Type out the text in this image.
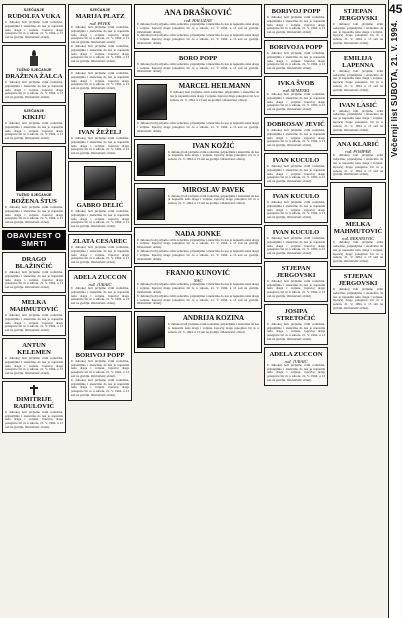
SJEĆANJE
RUDOLFA VUKA
U dubokoj boli javljamo svim rođacima, prijateljima i znancima da nas je napustila naša draga i voljena. Ispraćaj drage pokojnice bit će u subotu, 21. V. 1994. u 13 sati na groblju. Ožalošćeni: obitelj.
TUŽNO SJEĆANJE
DRAŽENA ŽALCA
U dubokoj boli javljamo svim rođacima, prijateljima i znancima da nas je napustila naša draga i voljena. Ispraćaj drage pokojnice bit će u subotu, 21. V. 1994. u 13 sati na groblju. Ožalošćeni: obitelj.
SJEĆANJE
KIKIJU
U dubokoj boli javljamo svim rođacima, prijateljima i znancima da nas je napustila naša draga i voljena. Ispraćaj drage pokojnice bit će u subotu, 21. V. 1994. u 13 sati na groblju. Ožalošćeni: obitelj.
TUŽNO SJEĆANJE
BOŽENA ŠTUS
U dubokoj boli javljamo svim rođacima, prijateljima i znancima da nas je napustila naša draga i voljena. Ispraćaj drage pokojnice bit će u subotu, 21. V. 1994. u 13 sati na groblju. Ožalošćeni: obitelj.
OBAVIJEST O
SMRTI
DRAGO BLAŽINČIĆ
U dubokoj boli javljamo svim rođacima, prijateljima i znancima da nas je napustila naša draga i voljena. Ispraćaj drage pokojnice bit će u subotu, 21. V. 1994. u 13 sati na groblju. Ožalošćeni: obitelj.
MELKA MAHMUTOVIĆ
U dubokoj boli javljamo svim rođacima, prijateljima i znancima da nas je napustila naša draga i voljena. Ispraćaj drage pokojnice bit će u subotu, 21. V. 1994. u 13 sati na groblju. Ožalošćeni: obitelj.
ANTUN KELEMEN
U dubokoj boli javljamo svim rođacima, prijateljima i znancima da nas je napustila naša draga i voljena. Ispraćaj drage pokojnice bit će u subotu, 21. V. 1994. u 13 sati na groblju. Ožalošćeni: obitelj.
DIMITRIJE RADULOVIĆ
U dubokoj boli javljamo svim rođacima, prijateljima i znancima da nas je napustila naša draga i voljena. Ispraćaj drage pokojnice bit će u subotu, 21. V. 1994. u 13 sati na groblju. Ožalošćeni: obitelj.
SJEĆANJE
MARIJA PLATZ
rođ. PAVEK
U dubokoj boli javljamo svim rođacima, prijateljima i znancima da nas je napustila naša draga i voljena. Ispraćaj drage pokojnice bit će u subotu, 21. V. 1994. u 13 sati na groblju. Ožalošćeni: obitelj.
U dubokoj boli javljamo svim rođacima, prijateljima i znancima da nas je napustila naša draga i voljena. Ispraćaj drage pokojnice bit će u subotu, 21. V. 1994. u 13 sati na groblju. Ožalošćeni: obitelj.
U dubokoj boli javljamo svim rođacima, prijateljima i znancima da nas je napustila naša draga i voljena. Ispraćaj drage pokojnice bit će u subotu, 21. V. 1994. u 13 sati na groblju. Ožalošćeni: obitelj.
IVAN ŽEŽELJ
U dubokoj boli javljamo svim rođacima, prijateljima i znancima da nas je napustila naša draga i voljena. Ispraćaj drage pokojnice bit će u subotu, 21. V. 1994. u 13 sati na groblju. Ožalošćeni: obitelj.
GABRO DELIĆ
U dubokoj boli javljamo svim rođacima, prijateljima i znancima da nas je napustila naša draga i voljena. Ispraćaj drage pokojnice bit će u subotu, 21. V. 1994. u 13 sati na groblju. Ožalošćeni: obitelj.
ZLATA CESAREC
U dubokoj boli javljamo svim rođacima, prijateljima i znancima da nas je napustila naša draga i voljena. Ispraćaj drage pokojnice bit će u subotu, 21. V. 1994. u 13 sati na groblju. Ožalošćeni: obitelj.
ADELA ZUCCON
rođ. JURAIĆ
U dubokoj boli javljamo svim rođacima, prijateljima i znancima da nas je napustila naša draga i voljena. Ispraćaj drage pokojnice bit će u subotu, 21. V. 1994. u 13 sati na groblju. Ožalošćeni: obitelj.
BORIVOJ POPP
U dubokoj boli javljamo svim rođacima, prijateljima i znancima da nas je napustila naša draga i voljena. Ispraćaj drage pokojnice bit će u subotu, 21. V. 1994. u 13 sati na groblju. Ožalošćeni: obitelj.
U dubokoj boli javljamo svim rođacima, prijateljima i znancima da nas je napustila naša draga i voljena. Ispraćaj drage pokojnice bit će u subotu, 21. V. 1994. u 13 sati na groblju. Ožalošćeni: obitelj.
ANA DRAŠKOVIĆ
rođ. HALUZAN
U dubokoj boli javljamo svim rođacima, prijateljima i znancima da nas je napustila naša draga i voljena. Ispraćaj drage pokojnice bit će u subotu, 21. V. 1994. u 13 sati na groblju. Ožalošćeni: obitelj.
U dubokoj boli javljamo svim rođacima, prijateljima i znancima da nas je napustila naša draga i voljena. Ispraćaj drage pokojnice bit će u subotu, 21. V. 1994. u 13 sati na groblju. Ožalošćeni: obitelj.
BORO POPP
U dubokoj boli javljamo svim rođacima, prijateljima i znancima da nas je napustila naša draga i voljena. Ispraćaj drage pokojnice bit će u subotu, 21. V. 1994. u 13 sati na groblju. Ožalošćeni: obitelj.
MARCEL HEILMANN
U dubokoj boli javljamo svim rođacima, prijateljima i znancima da nas je napustila naša draga i voljena. Ispraćaj drage pokojnice bit će u subotu, 21. V. 1994. u 13 sati na groblju. Ožalošćeni: obitelj.
U dubokoj boli javljamo svim rođacima, prijateljima i znancima da nas je napustila naša draga i voljena. Ispraćaj drage pokojnice bit će u subotu, 21. V. 1994. u 13 sati na groblju. Ožalošćeni: obitelj.
IVAN KOŽIĆ
U dubokoj boli javljamo svim rođacima, prijateljima i znancima da nas je napustila naša draga i voljena. Ispraćaj drage pokojnice bit će u subotu, 21. V. 1994. u 13 sati na groblju. Ožalošćeni: obitelj.
MIROSLAV PAVEK
U dubokoj boli javljamo svim rođacima, prijateljima i znancima da nas je napustila naša draga i voljena. Ispraćaj drage pokojnice bit će u subotu, 21. V. 1994. u 13 sati na groblju. Ožalošćeni: obitelj.
NADA JONKE
U dubokoj boli javljamo svim rođacima, prijateljima i znancima da nas je napustila naša draga i voljena. Ispraćaj drage pokojnice bit će u subotu, 21. V. 1994. u 13 sati na groblju. Ožalošćeni: obitelj.
U dubokoj boli javljamo svim rođacima, prijateljima i znancima da nas je napustila naša draga i voljena. Ispraćaj drage pokojnice bit će u subotu, 21. V. 1994. u 13 sati na groblju. Ožalošćeni: obitelj.
FRANJO KUNOVIĆ
NAC
U dubokoj boli javljamo svim rođacima, prijateljima i znancima da nas je napustila naša draga i voljena. Ispraćaj drage pokojnice bit će u subotu, 21. V. 1994. u 13 sati na groblju. Ožalošćeni: obitelj.
U dubokoj boli javljamo svim rođacima, prijateljima i znancima da nas je napustila naša draga i voljena. Ispraćaj drage pokojnice bit će u subotu, 21. V. 1994. u 13 sati na groblju. Ožalošćeni: obitelj.
ANDRIJA KOZINA
U dubokoj boli javljamo svim rođacima, prijateljima i znancima da nas je napustila naša draga i voljena. Ispraćaj drage pokojnice bit će u subotu, 21. V. 1994. u 13 sati na groblju. Ožalošćeni: obitelj.
BORIVOJ POPP
U dubokoj boli javljamo svim rođacima, prijateljima i znancima da nas je napustila naša draga i voljena. Ispraćaj drage pokojnice bit će u subotu, 21. V. 1994. u 13 sati na groblju. Ožalošćeni: obitelj.
BORIVOJA POPP
U dubokoj boli javljamo svim rođacima, prijateljima i znancima da nas je napustila naša draga i voljena. Ispraćaj drage pokojnice bit će u subotu, 21. V. 1994. u 13 sati na groblju. Ožalošćeni: obitelj.
IVKA ŠVOB
rođ. SEMENKI
U dubokoj boli javljamo svim rođacima, prijateljima i znancima da nas je napustila naša draga i voljena. Ispraćaj drage pokojnice bit će u subotu, 21. V. 1994. u 13 sati na groblju. Ožalošćeni: obitelj.
DOBROSAV JEVIĆ
U dubokoj boli javljamo svim rođacima, prijateljima i znancima da nas je napustila naša draga i voljena. Ispraćaj drage pokojnice bit će u subotu, 21. V. 1994. u 13 sati na groblju. Ožalošćeni: obitelj.
IVAN KUCULO
U dubokoj boli javljamo svim rođacima, prijateljima i znancima da nas je napustila naša draga i voljena. Ispraćaj drage pokojnice bit će u subotu, 21. V. 1994. u 13 sati na groblju. Ožalošćeni: obitelj.
IVAN KUCULO
U dubokoj boli javljamo svim rođacima, prijateljima i znancima da nas je napustila naša draga i voljena. Ispraćaj drage pokojnice bit će u subotu, 21. V. 1994. u 13 sati na groblju. Ožalošćeni: obitelj.
IVAN KUCULO
U dubokoj boli javljamo svim rođacima, prijateljima i znancima da nas je napustila naša draga i voljena. Ispraćaj drage pokojnice bit će u subotu, 21. V. 1994. u 13 sati na groblju. Ožalošćeni: obitelj.
STJEPAN JERGOVSKI
U dubokoj boli javljamo svim rođacima, prijateljima i znancima da nas je napustila naša draga i voljena. Ispraćaj drage pokojnice bit će u subotu, 21. V. 1994. u 13 sati na groblju. Ožalošćeni: obitelj.
JOSIPA STRETOČIĆ
U dubokoj boli javljamo svim rođacima, prijateljima i znancima da nas je napustila naša draga i voljena. Ispraćaj drage pokojnice bit će u subotu, 21. V. 1994. u 13 sati na groblju. Ožalošćeni: obitelj.
ADELA ZUCCON
rođ. JURAIĆ
U dubokoj boli javljamo svim rođacima, prijateljima i znancima da nas je napustila naša draga i voljena. Ispraćaj drage pokojnice bit će u subotu, 21. V. 1994. u 13 sati na groblju. Ožalošćeni: obitelj.
STJEPAN JERGOVSKI
U dubokoj boli javljamo svim rođacima, prijateljima i znancima da nas je napustila naša draga i voljena. Ispraćaj drage pokojnice bit će u subotu, 21. V. 1994. u 13 sati na groblju. Ožalošćeni: obitelj.
EMILIJA LAPENNA
U dubokoj boli javljamo svim rođacima, prijateljima i znancima da nas je napustila naša draga i voljena. Ispraćaj drage pokojnice bit će u subotu, 21. V. 1994. u 13 sati na groblju. Ožalošćeni: obitelj.
IVAN LASIĆ
U dubokoj boli javljamo svim rođacima, prijateljima i znancima da nas je napustila naša draga i voljena. Ispraćaj drage pokojnice bit će u subotu, 21. V. 1994. u 13 sati na groblju. Ožalošćeni: obitelj.
ANA KLARIĆ
rođ. POMPER
U dubokoj boli javljamo svim rođacima, prijateljima i znancima da nas je napustila naša draga i voljena. Ispraćaj drage pokojnice bit će u subotu, 21. V. 1994. u 13 sati na groblju. Ožalošćeni: obitelj.
MELKA MAHMUTOVIĆ
rođ. REKANOVIĆ
U dubokoj boli javljamo svim rođacima, prijateljima i znancima da nas je napustila naša draga i voljena. Ispraćaj drage pokojnice bit će u subotu, 21. V. 1994. u 13 sati na groblju. Ožalošćeni: obitelj.
STJEPAN JERGOVSKI
U dubokoj boli javljamo svim rođacima, prijateljima i znancima da nas je napustila naša draga i voljena. Ispraćaj drage pokojnice bit će u subotu, 21. V. 1994. u 13 sati na groblju. Ožalošćeni: obitelj.
45
Večernji list SUBOTA, 21. V. 1994.
